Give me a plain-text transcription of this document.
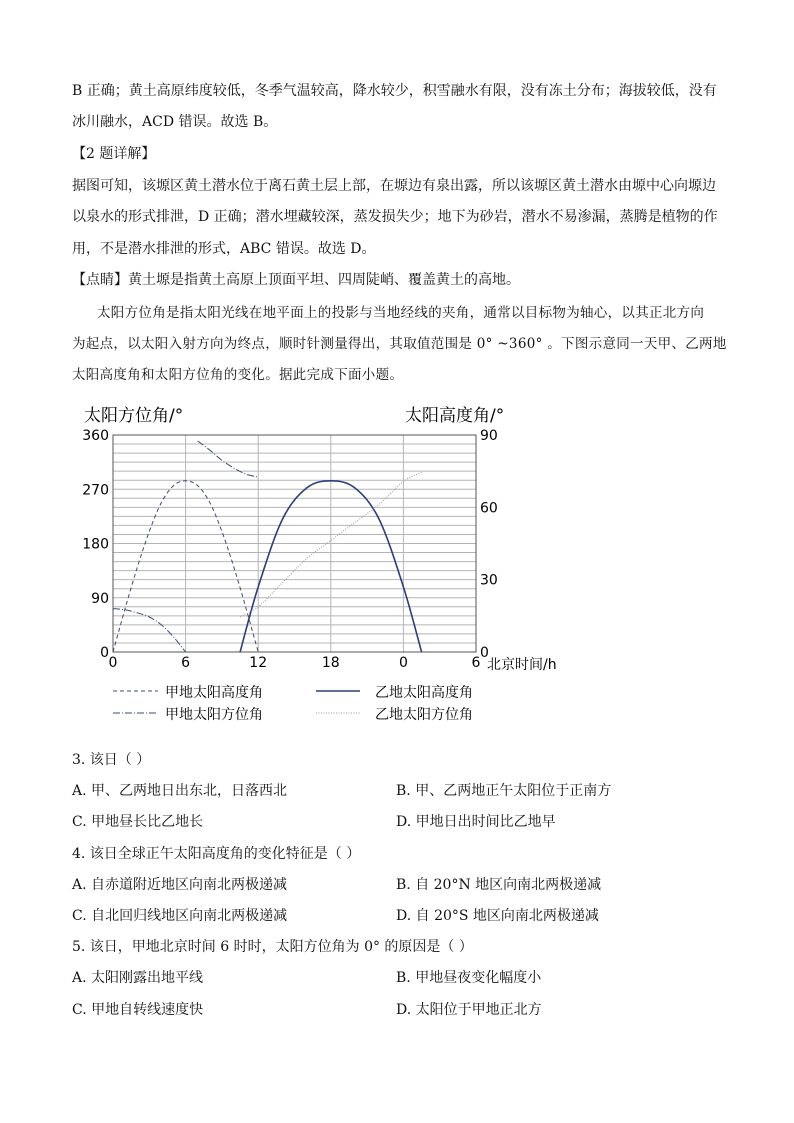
B 正确；黄土高原纬度较低，冬季气温较高，降水较少，积雪融水有限，没有冻土分布；海拔较低，没有
冰川融水，ACD 错误。故选 B。
【2 题详解】
据图可知，该塬区黄土潜水位于离石黄土层上部，在塬边有泉出露，所以该塬区黄土潜水由塬中心向塬边
以泉水的形式排泄，D 正确；潜水埋藏较深，蒸发损失少；地下为砂岩，潜水不易渗漏，蒸腾是植物的作
用，不是潜水排泄的形式，ABC 错误。故选 D。
【点睛】黄土塬是指黄土高原上顶面平坦、四周陡峭、覆盖黄土的高地。
太阳方位角是指太阳光线在地平面上的投影与当地经线的夹角，通常以目标物为轴心，以其正北方向
为起点，以太阳入射方向为终点，顺时针测量得出，其取值范围是 0° ~360° 。下图示意同一天甲、乙两地
太阳高度角和太阳方位角的变化。据此完成下面小题。
太阳方位角/°	太阳高度角/°
北京时间/h
360
270
180
90
0
90
60
30
0
0	6	12	18	0	6
甲地太阳高度角
甲地太阳方位角
乙地太阳高度角
乙地太阳方位角
3. 该日（ ）
A. 甲、乙两地日出东北，日落西北	B. 甲、乙两地正午太阳位于正南方
C. 甲地昼长比乙地长	D. 甲地日出时间比乙地早
4. 该日全球正午太阳高度角的变化特征是（ ）
A. 自赤道附近地区向南北两极递减	B. 自 20°N 地区向南北两极递减
C. 自北回归线地区向南北两极递减	D. 自 20°S 地区向南北两极递减
5. 该日，甲地北京时间 6 时时，太阳方位角为 0° 的原因是（ ）
A. 太阳刚露出地平线	B. 甲地昼夜变化幅度小
C. 甲地自转线速度快	D. 太阳位于甲地正北方
